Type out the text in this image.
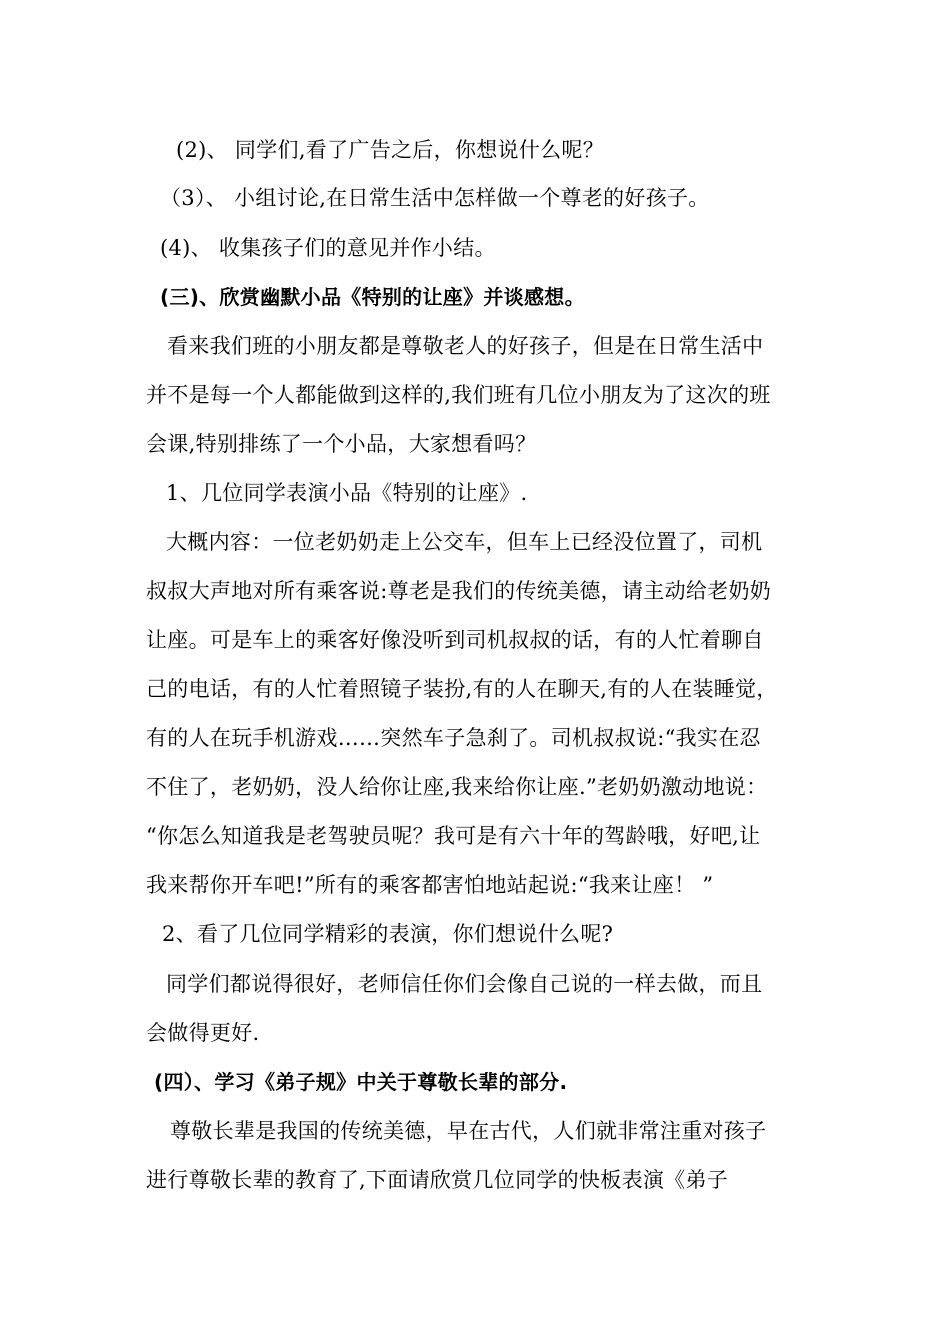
(2)、 同学们,看了广告之后，你想说什么呢？
（3）、 小组讨论,在日常生活中怎样做一个尊老的好孩子。
(4)、 收集孩子们的意见并作小结。
(三)、欣赏幽默小品《特别的让座》并谈感想。
看来我们班的小朋友都是尊敬老人的好孩子，但是在日常生活中
并不是每一个人都能做到这样的,我们班有几位小朋友为了这次的班
会课,特别排练了一个小品，大家想看吗？
1、几位同学表演小品《特别的让座》.
大概内容：一位老奶奶走上公交车，但车上已经没位置了，司机
叔叔大声地对所有乘客说:尊老是我们的传统美德，请主动给老奶奶
让座。可是车上的乘客好像没听到司机叔叔的话，有的人忙着聊自
己的电话，有的人忙着照镜子装扮,有的人在聊天,有的人在装睡觉，
有的人在玩手机游戏……突然车子急刹了。司机叔叔说:“我实在忍
不住了，老奶奶，没人给你让座,我来给你让座.”老奶奶激动地说：
“你怎么知道我是老驾驶员呢？我可是有六十年的驾龄哦，好吧,让
我来帮你开车吧!”所有的乘客都害怕地站起说:“我来让座！ ”
2、看了几位同学精彩的表演，你们想说什么呢?
同学们都说得很好，老师信任你们会像自己说的一样去做，而且
会做得更好.
(四）、学习《弟子规》中关于尊敬长辈的部分.
尊敬长辈是我国的传统美德，早在古代，人们就非常注重对孩子
进行尊敬长辈的教育了,下面请欣赏几位同学的快板表演《弟子
